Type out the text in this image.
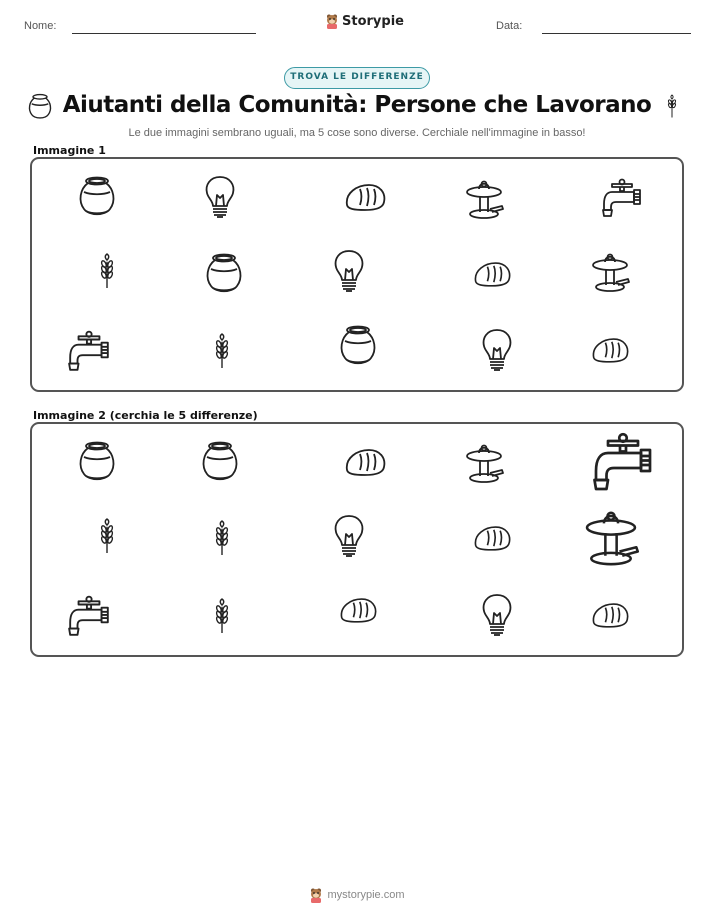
Nome:	Storypie	Data:
TROVA LE DIFFERENZE
Aiutanti della Comunità: Persone che Lavorano
Le due immagini sembrano uguali, ma 5 cose sono diverse. Cerchiale nell'immagine in basso!
Immagine 1
Immagine 2 (cerchia le 5 differenze)
mystorypie.com
